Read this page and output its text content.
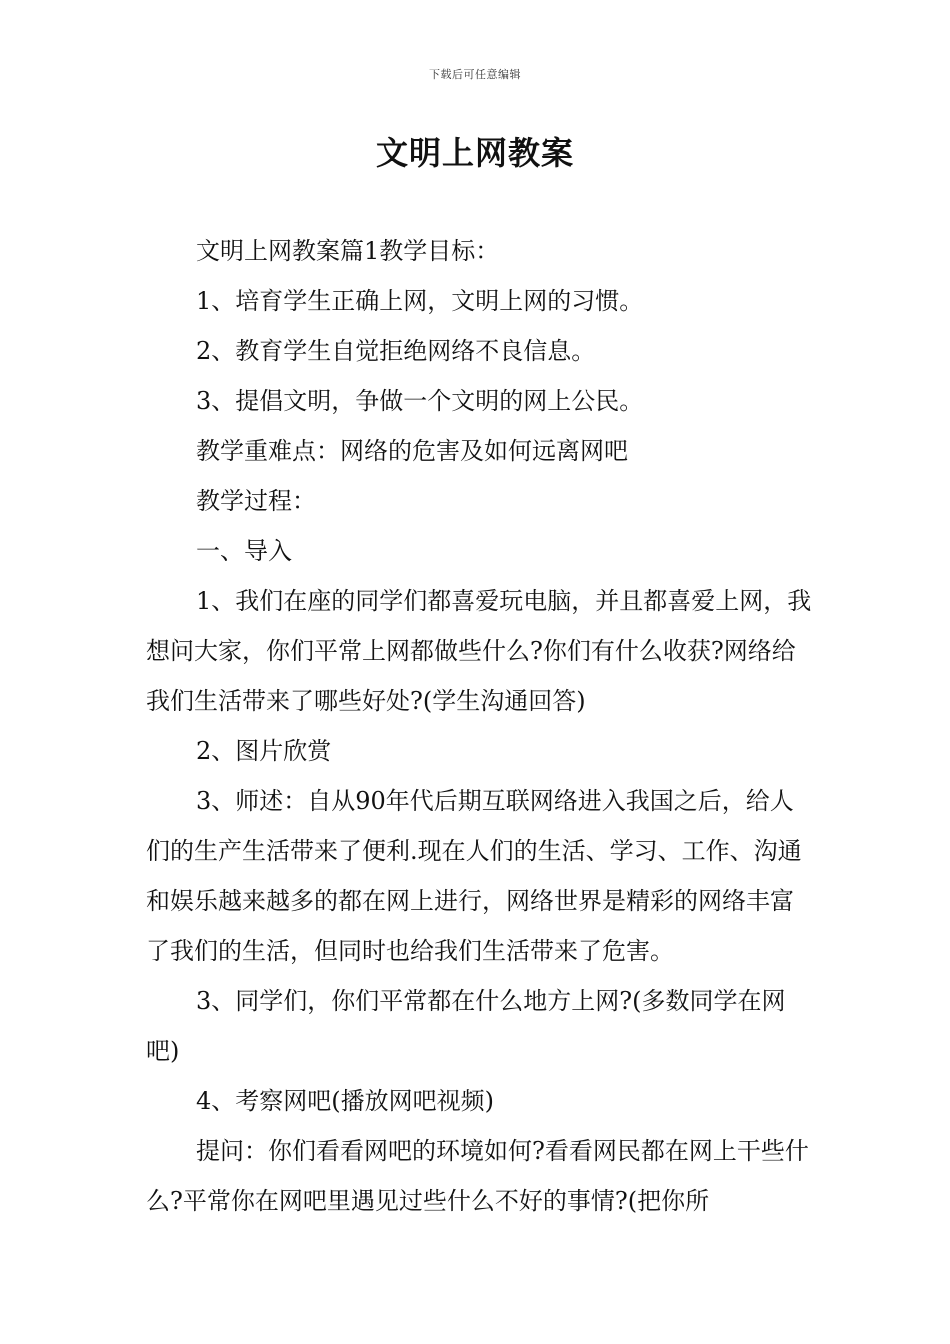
下载后可任意编辑
文明上网教案

文明上网教案篇1教学目标：

1、培育学生正确上网，文明上网的习惯。

2、教育学生自觉拒绝网络不良信息。

3、提倡文明，争做一个文明的网上公民。

教学重难点：网络的危害及如何远离网吧

教学过程：

一、导入

1、我们在座的同学们都喜爱玩电脑，并且都喜爱上网，我想问大家，你们平常上网都做些什么?你们有什么收获?网络给我们生活带来了哪些好处?(学生沟通回答)

2、图片欣赏

3、师述：自从90年代后期互联网络进入我国之后，给人们的生产生活带来了便利.现在人们的生活、学习、工作、沟通和娱乐越来越多的都在网上进行，网络世界是精彩的网络丰富了我们的生活，但同时也给我们生活带来了危害。

3、同学们，你们平常都在什么地方上网?(多数同学在网吧)

4、考察网吧(播放网吧视频)

提问：你们看看网吧的环境如何?看看网民都在网上干些什么?平常你在网吧里遇见过些什么不好的事情?(把你所
